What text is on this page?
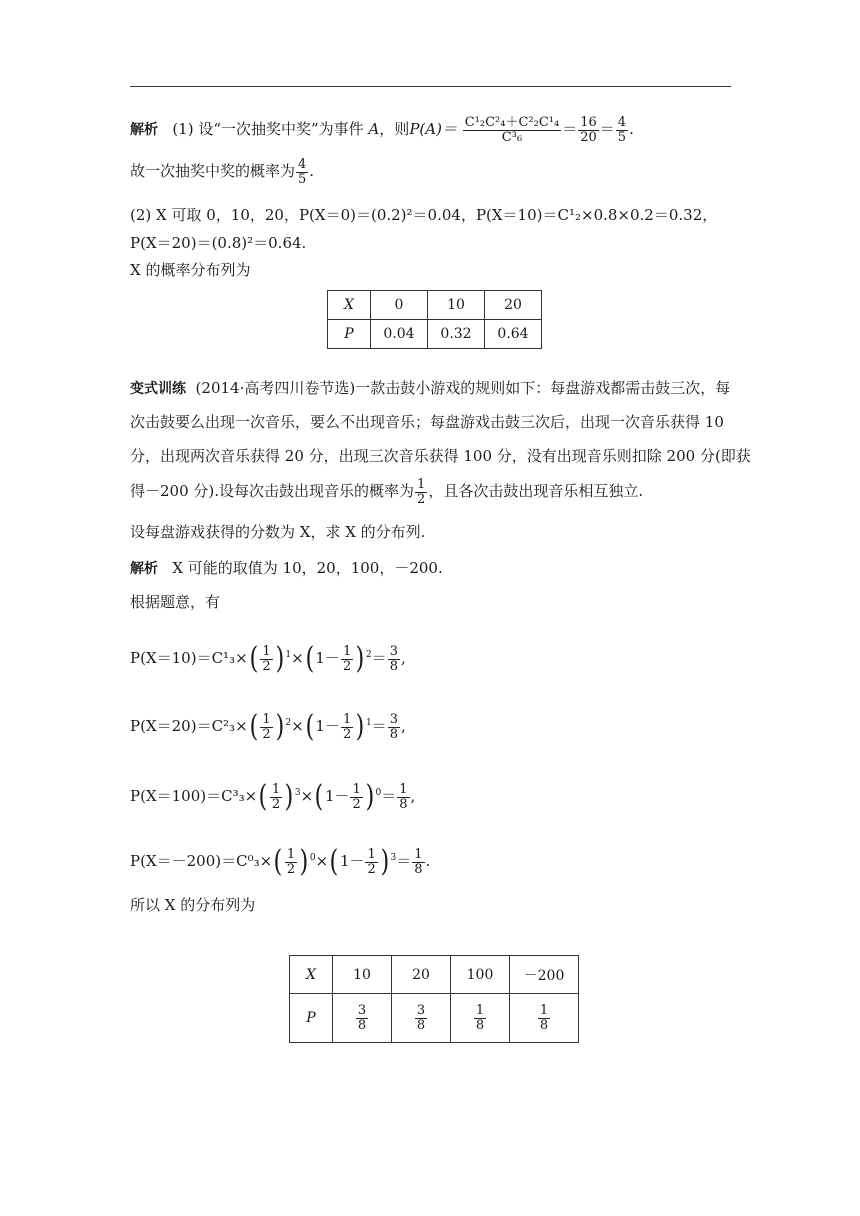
解析 (1) 设“一次抽奖中奖”为事件 A，则$P(A)= \frac{\text{C¹₂C²₄＋C²₂C¹₄}}{\text{C³₆}} = \frac{16}{20} = \frac{4}{5}$ .
故一次抽奖中奖的概率为 $\frac{4}{5}$ .
(2) X 可取 0，10，20，P(X＝0)＝(0.2)²＝0.04，P(X＝10)＝C¹₂×0.8×0.2＝0.32，
P(X＝20)＝(0.8)²＝0.64.
X 的概率分布列为
X	0	10	20
P	0.04	0.32	0.64
变式训练 (2014·高考四川卷节选)一款击鼓小游戏的规则如下：每盘游戏都需击鼓三次，每
次击鼓要么出现一次音乐，要么不出现音乐；每盘游戏击鼓三次后，出现一次音乐获得 10
分，出现两次音乐获得 20 分，出现三次音乐获得 100 分，没有出现音乐则扣除 200 分(即获
得－200 分).设每次击鼓出现音乐的概率为 $\frac{1}{2}$ ，且各次击鼓出现音乐相互独立.
设每盘游戏获得的分数为 X，求 X 的分布列.
解析 X 可能的取值为 10，20，100，－200.
根据题意，有
$P(X=10)=C^1_3\times( \frac{1}{2} )^1\times(1- \frac{1}{2} )^2= \frac{3}{8}$ ,
$P(X=20)=C^2_3\times( \frac{1}{2} )^2\times(1- \frac{1}{2} )^1= \frac{3}{8}$ ,
$P(X=100)=C^3_3\times( \frac{1}{2} )^3\times(1- \frac{1}{2} )^0= \frac{1}{8}$ ,
$P(X=-200)=C^0_3\times( \frac{1}{2} )^0\times(1- \frac{1}{2} )^3= \frac{1}{8}$ .
所以 X 的分布列为
X	10	20	100	－200
P	$\frac{3}{8}$	$\frac{3}{8}$	$\frac{1}{8}$	$\frac{1}{8}$
